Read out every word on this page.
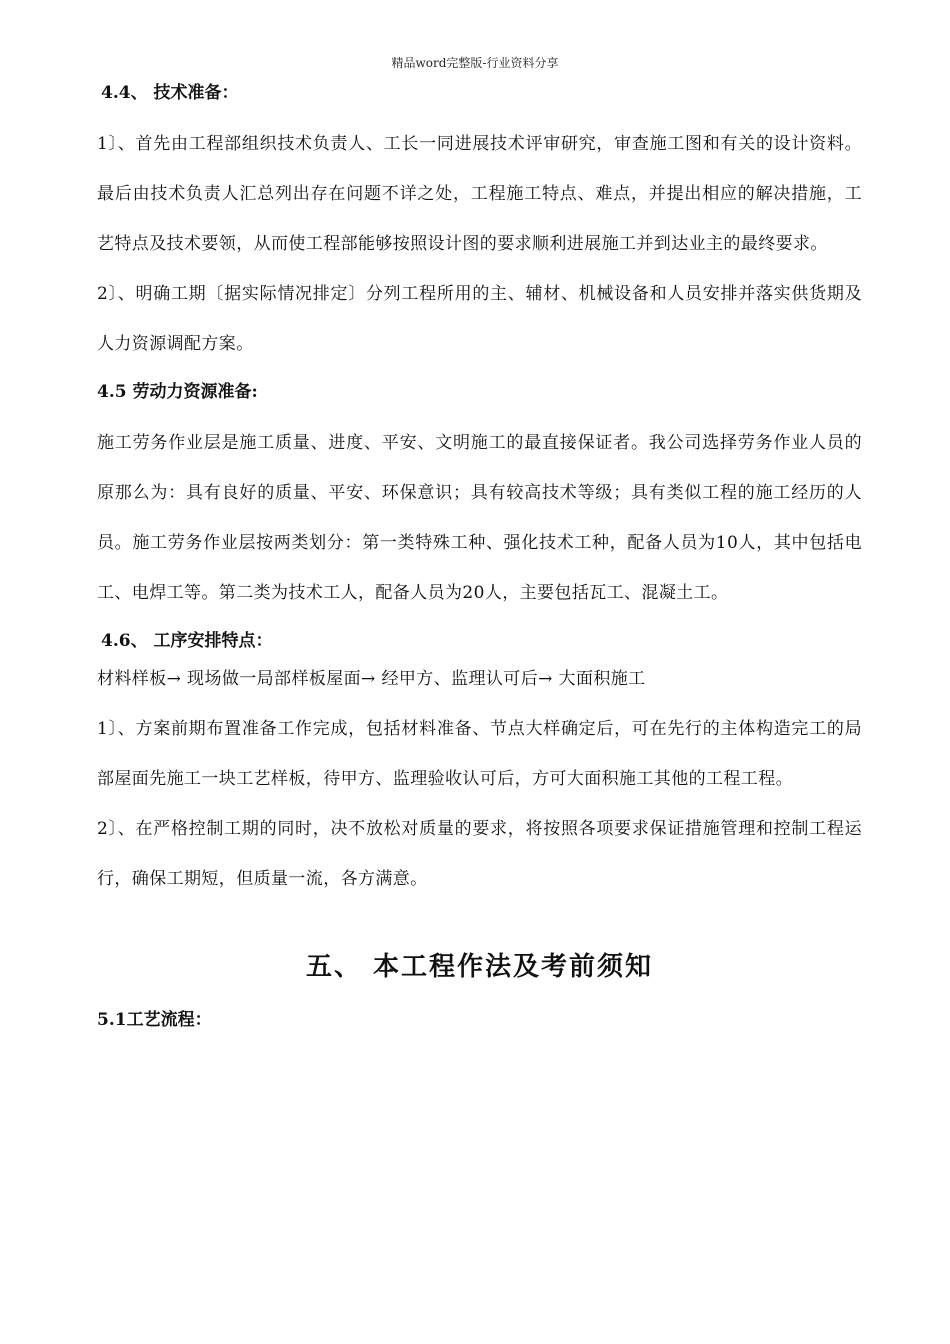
精品word完整版-行业资料分享

4.4、 技术准备：

1〕、首先由工程部组织技术负责人、工长一同进展技术评审研究，审查施工图和有关的设计资料。最后由技术负责人汇总列出存在问题不详之处，工程施工特点、难点，并提出相应的解决措施，工艺特点及技术要领，从而使工程部能够按照设计图的要求顺利进展施工并到达业主的最终要求。

2〕、明确工期〔据实际情况排定〕分列工程所用的主、辅材、机械设备和人员安排并落实供货期及人力资源调配方案。

4.5 劳动力资源准备:

施工劳务作业层是施工质量、进度、平安、文明施工的最直接保证者。我公司选择劳务作业人员的原那么为：具有良好的质量、平安、环保意识；具有较高技术等级；具有类似工程的施工经历的人员。施工劳务作业层按两类划分：第一类特殊工种、强化技术工种，配备人员为10人，其中包括电工、电焊工等。第二类为技术工人，配备人员为20人，主要包括瓦工、混凝土工。

4.6、 工序安排特点：

材料样板→ 现场做一局部样板屋面→ 经甲方、监理认可后→ 大面积施工

1〕、方案前期布置准备工作完成，包括材料准备、节点大样确定后，可在先行的主体构造完工的局部屋面先施工一块工艺样板，待甲方、监理验收认可后，方可大面积施工其他的工程工程。

2〕、在严格控制工期的同时，决不放松对质量的要求，将按照各项要求保证措施管理和控制工程运行，确保工期短，但质量一流，各方满意。

五、 本工程作法及考前须知

5.1工艺流程：
